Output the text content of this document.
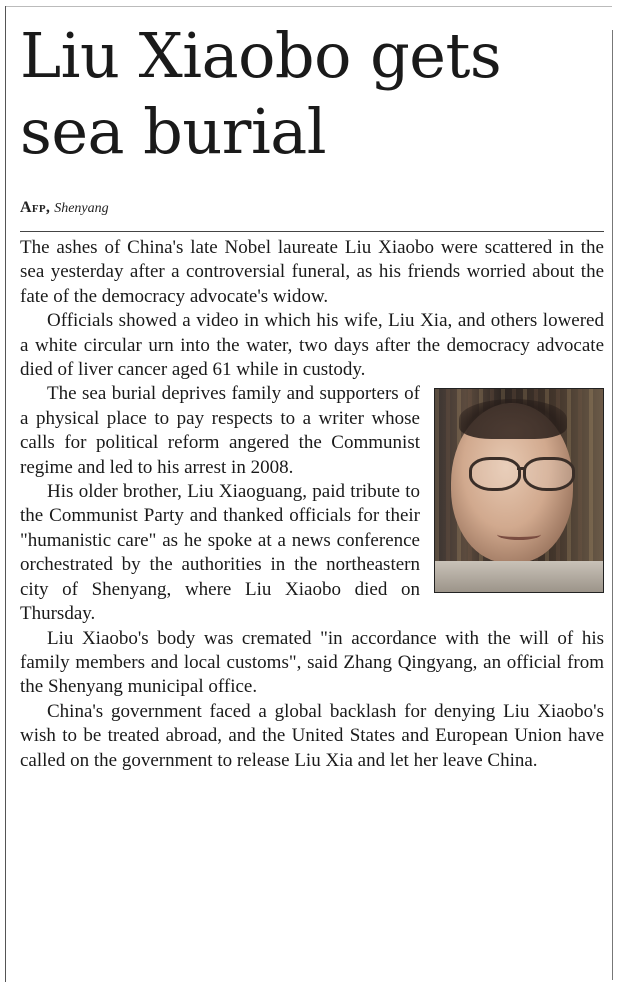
Liu Xiaobo gets sea burial
Afp, Shenyang

The ashes of China's late Nobel laureate Liu Xiaobo were scattered in the sea yesterday after a controversial funeral, as his friends worried about the fate of the democracy advocate's widow.

Officials showed a video in which his wife, Liu Xia, and others lowered a white circular urn into the water, two days after the democracy advocate died of liver cancer aged 61 while in custody.

The sea burial deprives family and supporters of a physical place to pay respects to a writer whose calls for political reform angered the Communist regime and led to his arrest in 2008.

His older brother, Liu Xiaoguang, paid tribute to the Communist Party and thanked officials for their "humanistic care" as he spoke at a news conference orchestrated by the authorities in the northeastern city of Shenyang, where Liu Xiaobo died on Thursday.

Liu Xiaobo's body was cremated "in accordance with the will of his family members and local customs", said Zhang Qingyang, an official from the Shenyang municipal office.

China's government faced a global backlash for denying Liu Xiaobo's wish to be treated abroad, and the United States and European Union have called on the government to release Liu Xia and let her leave China.
